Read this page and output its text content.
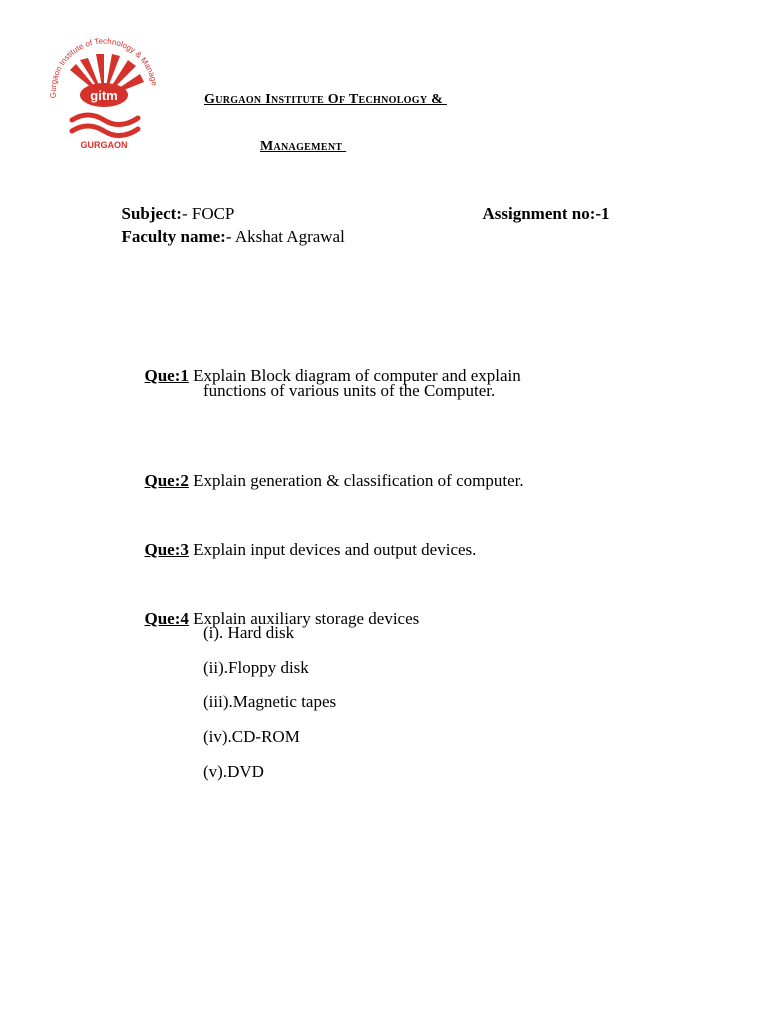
Gurgaon Institute of Technology & Manage
gitm
GURGAON
Gurgaon Institute Of Technology &
Management

Subject:- FOCP	Assignment no:-1

Faculty name:- Akshat Agrawal

Que:1 Explain Block diagram of computer and explain

functions of various units of the Computer.

Que:2 Explain generation & classification of computer.

Que:3 Explain input devices and output devices.

Que:4 Explain auxiliary storage devices

(i). Hard disk
(ii).Floppy disk
(iii).Magnetic tapes
(iv).CD-ROM
(v).DVD
